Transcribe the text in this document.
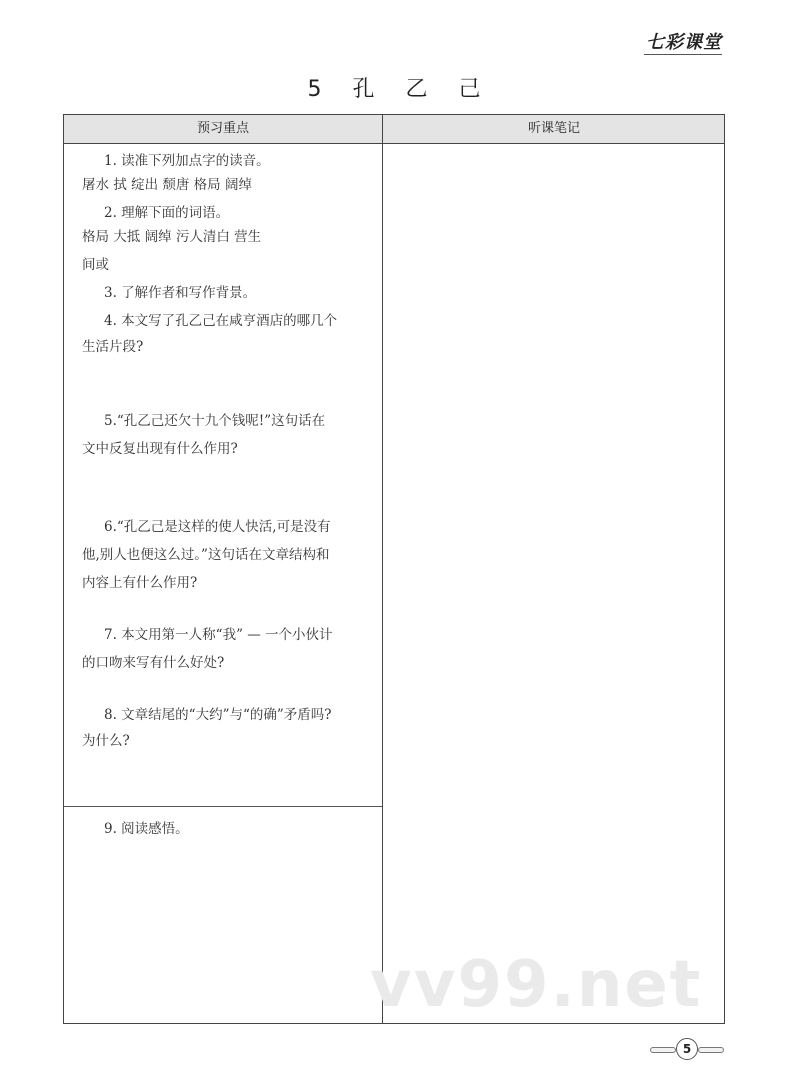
七彩课堂
5 孔 乙 己
预习重点	听课笔记
1. 读准下列加点字的读音。
屠水 拭 绽出 颓唐 格局 阔绰
2. 理解下面的词语。
格局 大抵 阔绰 污人清白 营生
间或
3. 了解作者和写作背景。
4. 本文写了孔乙己在咸亨酒店的哪几个
生活片段?
5.“孔乙己还欠十九个钱呢!”这句话在
文中反复出现有什么作用?
6.“孔乙己是这样的使人快活,可是没有
他,别人也便这么过。”这句话在文章结构和
内容上有什么作用?
7. 本文用第一人称“我” — 一个小伙计
的口吻来写有什么好处?
8. 文章结尾的“大约”与“的确”矛盾吗?
为什么?
9. 阅读感悟。
vv99.net
5
